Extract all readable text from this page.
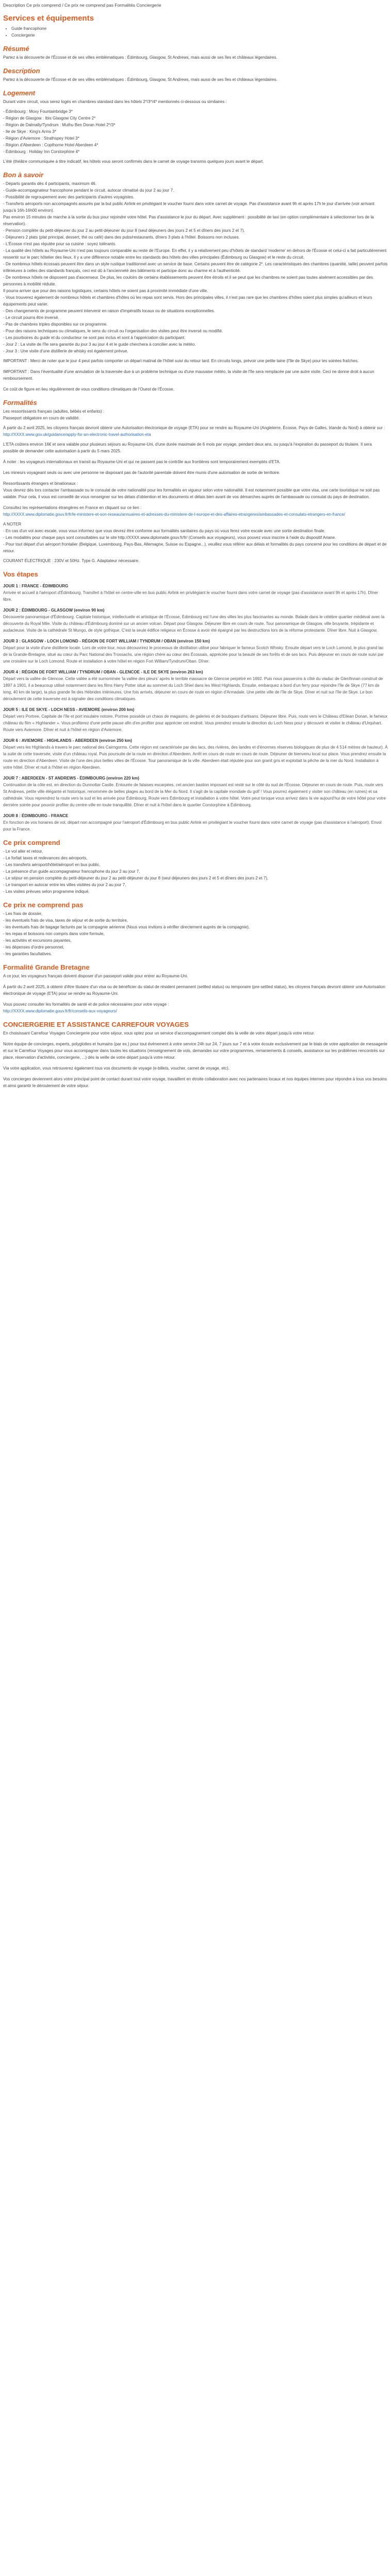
Description Ce prix comprend / Ce prix ne comprend pas Formalités Conciergerie
Services et équipements
• Guide francophone
• Conciergerie
Résumé

Partez à la découverte de l'Écosse et de ses villes emblématiques : Édimbourg, Glasgow, St Andrews, mais aussi de ses îles et châteaux légendaires.

Description

Partez à la découverte de l'Écosse et de ses villes emblématiques : Édimbourg, Glasgow, St Andrews, mais aussi de ses îles et châteaux légendaires.

Logement
Durant votre circuit, vous serez logés en chambres standard dans les hôtels 2*/3*/4* mentionnés ci-dessous ou similaires :
- Édimbourg : Moxy Fountainbridge 3*
- Région de Glasgow : Ibis Glasgow City Centre 2*
- Région de Dalmally/Tyndrum : Muthu Ben Doran Hotel 2*/3*
- Ile de Skye : King's Arms 3*
- Région d'Aviemore : Strathspey Hotel 3*
- Région d'Aberdeen : Copthorne Hotel Aberdeen 4*
- Édimbourg : Holiday Inn Corstorphine 4*

L'été (théâtre communiquée à titre indicatif, les hôtels vous seront confirmés dans le carnet de voyage transmis quelques jours avant le départ.

Bon à savoir
- Départs garantis dès 4 participants, maximum 46.
- Guide-accompagnateur francophone pendant le circuit, autocar climatisé du jour 2 au jour 7.
- Possibilité de regroupement avec des participants d'autres voyagistes.
- Transferts aéroports non accompagnés assurés par la but public Airlink en privilégiant le voucher fourni dans votre carnet de voyage. Pas d'assistance avant 9h et après 17h le jour d'arrivée (voir arrivant jusqu'à 16h-16h00 environ).
Pas environ 15 minutes de marche à la sortie du bus pour rejoindre votre hôtel. Pas d'assistance le jour du départ. Avec supplément : possibilité de taxi (en option complémentaire à sélectionner lors de la réservation).
- Pension complète du petit-déjeuner du jour 2 au petit-déjeuner du jour 8 (seul déjeuners des jours 2 et 5 et dîners des jours 2 et 7).
- Déjeuners 2 plats (plat principal, dessert, thé ou café) dans des pubs/restaurants, dîners 3 plats à l'hôtel. Boissons non incluses.
- L'Écosse n'est pas réputée pour sa cuisine : soyez tolérants.
- La qualité des hôtels au Royaume-Uni n'est pas toujours comparable au reste de l'Europe. En effet, il y a relativement peu d'hôtels de standard 'moderne' en dehors de l'Écosse et celui-ci a fait particulièrement ressentir sur le parc hôtelier des lieux. Il y a une différence notable entre les standards des hôtels des villes principales (Édimbourg ou Glasgow) et le reste du circuit.
- De nombreux hôtels écossais peuvent être dans un style rustique traditionnel avec un service de base. Certains peuvent être de catégorie 2*. Les caractéristiques des chambres (quantité, taille) peuvent parfois inférieures à celles des standards français, ceci est dû à l'ancienneté des bâtiments et participe donc au charme et à l'authenticité.
- De nombreux hôtels ne disposent pas d'ascenseur. De plus, les couloirs de certains établissements peuvent être étroits et il se peut que les chambres ne soient pas toutes aisément accessibles par des personnes à mobilité réduite.
Il pourra arriver que pour des raisons logistiques, certains hôtels ne soient pas à proximité immédiate d'une ville.
- Vous trouverez également de nombreux hôtels et chambres d'hôtes où les repas sont servis. Hors des principales villes, il n'est pas rare que les chambres d'hôtes soient plus simples qu'ailleurs et leurs équipements peut varier.
- Des changements de programme peuvent intervenir en raison d'impératifs locaux ou de situations exceptionnelles.
- Le circuit pourra être inversé.
- Pas de chambres triples disponibles sur ce programme.
- Pour des raisons techniques ou climatiques, le sens du circuit ou l'organisation des visites peut être inversé ou modifié.
- Les pourboires du guide et du conducteur ne sont pas inclus et sont à l'appréciation du participant.
- Jour 2 : La visite de l'île sera garantie du jour 3 au jour 4 et le guide cherchera à concilier avec la météo.
- Jour 3 : Une visite d'une distillerie de whisky est également prévue.

IMPORTANT : Merci de noter que le jour 4 peut parfois comporter un départ matinal de l'hôtel suivi du retour tard. En circuits longs, prévoir une petite laine (l'île de Skye) pour les soirées fraîches.

IMPORTANT : Dans l'éventualité d'une annulation de la traversée due à un problème technique ou d'une mauvaise météo, la visite de l'île sera remplacée par une autre visite. Ceci ne donne droit à aucun remboursement.

Ce coût de figure en lieu régulièrement de vous conditions climatiques de l'Ouest de l'Écosse.

Formalités
Les ressortissants français (adultes, bébés et enfants) :
Passeport obligatoire en cours de validité.
À partir du 2 avril 2025, les citoyens français devront obtenir une Autorisation électronique de voyage (ETA) pour se rendre au Royaume-Uni (Angleterre, Écosse, Pays de Galles, Irlande du Nord) à obtenir sur :
http://XXXX.www.gov.uk/guidance/apply-for-an-electronic-travel-authorisation-eta

L'ETA coûtera environ 16€ et sera valable pour plusieurs séjours au Royaume-Uni, d'une durée maximale de 6 mois par voyage, pendant deux ans, ou jusqu'à l'expiration du passeport du titulaire. Il sera possible de demander cette autorisation à partir du 5 mars 2025.

À noter : les voyageurs internationaux en transit au Royaume-Uni et qui ne passent pas le contrôle aux frontières sont temporairement exemptés d'ETA.

Les mineurs voyageant seuls ou avec une personne ne disposant pas de l'autorité parentale doivent être munis d'une autorisation de sortie de territoire.

Ressortissants étrangers et binationaux :

Vous devrez dès lors contacter l'ambassade ou le consulat de votre nationalité pour les formalités en vigueur selon votre nationalité. Il est notamment possible que votre visa, une carte touristique ne soit pas valable. Pour cela, il vous est conseillé de vous renseigner sur les délais d'obtention et les documents et délais bien avant de vos démarches auprès de l'ambassade ou consulat du pays de destination.

Consultez les représentations étrangères en France en cliquant sur ce lien :
http://XXXX.www.diplomatie.gouv.fr/fr/le-ministere-et-son-reseau/annuaires-et-adresses-du-ministere-de-l-europe-et-des-affaires-etrangeres/ambassades-et-consulats-etrangers-en-france/
A NOTER
- En cas d'un vol avec escale, vous vous informez que vous devrez être conforme aux formalités sanitaires du pays où vous ferez votre escale avec une sortie destination finale.
- Les modalités pour chaque pays sont consultables sur le site http://XXXX.www.diplomatie.gouv.fr/fr/ (Conseils aux voyageurs), vous pouvez vous inscrire à l'aide du dispositif Ariane.
- Pour tout départ d'un aéroport frontalier (Belgique, Luxembourg, Pays-Bas, Allemagne, Suisse ou Espagne...), veuillez vous référer aux délais et formalités du pays concerné pour les conditions de départ et de retour.
COURANT ÉLECTRIQUE : 230V et 50Hz. Type G. Adaptateur nécessaire.
Vos étapes
JOUR 1 : FRANCE - ÉDIMBOURG
Arrivée et accueil à l'aéroport d'Édimbourg. Transfert à l'hôtel en centre-ville en bus public Airlink en privilégiant le voucher fourni dans votre carnet de voyage (pas d'assistance avant 9h et après 17h). Dîner libre.
JOUR 2 : ÉDIMBOURG - GLASGOW (environ 90 km)
Découverte panoramique d'Édimbourg. Capitale historique, intellectuelle et artistique de l'Écosse, Édimbourg est l'une des villes les plus fascinantes au monde. Balade dans le célèbre quartier médiéval avec la découverte du Royal Mile. Visite du château d'Édimbourg dominé sur un ancien volcan. Départ pour Glasgow. Déjeuner libre en cours de route. Tour panoramique de Glasgow, ville bruyante, trépidante et audacieuse. Visite de la cathédrale St Mungo, de style gothique. C'est la seule édifice religieux en Écosse à avoir été épargné par les destructions lors de la réforme protestante. Dîner libre. Nuit à Glasgow.
JOUR 3 : GLASGOW - LOCH LOMOND - RÉGION DE FORT WILLIAM / TYNDRUM / OBAN (environ 150 km)
Départ pour la visite d'une distillerie locale. Lors de votre tour, nous découvrirez le processus de distillation utilisé pour fabriquer le fameux Scotch Whisky. Ensuite départ vers le Loch Lomond, le plus grand lac de la Grande-Bretagne, situé au cœur du Parc National des Trossachs, une région chère au cœur des Écossais, appréciée pour la beauté de ses forêts et de ses lacs. Puis déjeuner en cours de route suivi par une croisière sur le Loch Lomond. Route et installation à votre hôtel en région Fort William/Tyndrum/Oban. Dîner.
JOUR 4 : RÉGION DE FORT WILLIAM / TYNDRUM / OBAN - GLENCOE - ILE DE SKYE (environ 263 km)
Départ vers la vallée de Glencoe. Cette vallée a été surnommée 'la vallée des pleurs' après le terrible massacre de Glencoe perpétré en 1692. Puis nous passerons à côté du viaduc de Glenfinnan construit de 1897 à 1901, il a beaucoup utilisé notamment dans les films Harry Potter situé au sommet du Loch Shiel dans les West Highlands. Ensuite, embarquez à bord d'un ferry pour rejoindre l'île de Skye (77 km de long, 40 km de large), la plus grande île des Hébrides intérieures. Une fois arrivés, déjeuner en cours de route en région d'Armadale. Une petite ville de l'île de Skye. Dîner et nuit sur l'île de Skye. Le bon déroulement de cette traversée est à signaler des conditions climatiques.
JOUR 5 : ILE DE SKYE - LOCH NESS - AVIEMORE (environ 200 km)
Départ vers Portree, Capitale de l'île et port insulaire notoire, Portree possède un chaos de magasins, de galeries et de boutiques d'artisans. Déjeuner libre. Puis, route vers le Château d'Eilean Donan, le fameux château du film « Highlander ». Vous profiterez d'une petite pause afin d'en profiter pour apprécier cet endroit. Vous prendrez ensuite la direction du Loch Ness pour y découvrir et visiter le château d'Urquhart. Route vers Aviemore. Dîner et nuit à l'hôtel en région d'Aviemore.
JOUR 6 : AVIEMORE - HIGHLANDS - ABERDEEN (environ 250 km)
Départ vers les Highlands à travers le parc national des Cairngorms. Cette région est caractérisée par des lacs, des rivières, des landes et d'énormes réserves biologiques de plus de 4 514 mètres de hauteur). À la suite de cette traversée, visite d'un château royal. Puis poursuite de la route en direction d'Aberdeen. Arrêt en cours de route en cours de route. Déjeuner de bienvenu local sur place. Vous prendrez ensuite la route en direction d'Aberdeen. Visite de l'une des plus belles villes de l'Écosse. Tour panoramique de la ville. Aberdeen était réputée pour son granit gris et exploitait la pêche de la mer du Nord. Installation à votre hôtel. Dîner et nuit à l'hôtel en région Aberdeen.
JOUR 7 : ABERDEEN - ST ANDREWS - ÉDIMBOURG (environ 220 km)
Continuation de la côte est, en direction du Dunnottar Castle. Entourée de falaises escarpées, cet ancien bastion imposant est resté sur le côté du sud de l'Écosse. Déjeuner en cours de route. Puis, route vers St Andrews, petite ville élégante et historique, renommée de belles plages au bord de la Mer du Nord. Il s'agit de la capitale mondiale du golf ! Vous pourrez également y visiter son château (en ruines) et sa cathédrale. Vous reprendrez la route vers la sud et les arrivée pour Édimbourg. Route vers Édimbourg et installation à votre hôtel. Votre peut lorsque vous arrivez dans la vie aujourd'hui de votre hôtel pour votre dernière soirée pour pouvoir profiter du centre-ville en toute tranquillité. Dîner et nuit à l'hôtel dans le quartier Corstorphine à Édimbourg.
JOUR 8 : ÉDIMBOURG - FRANCE
En fonction de vos horaires de vol, départ non accompagné pour l'aéroport d'Édimbourg en bus public Airlink en privilégiant le voucher fourni dans votre carnet de voyage (pas d'assistance à l'aéroport). Envol pour la France.
Ce prix comprend
- Le vol aller et retour,
- Le forfait taxes et redevances des aéroports,
- Les transferts aéroport/hôtel/aéroport en bus public,
- La présence d'un guide accompagnateur francophone du jour 2 au jour 7,
- Le séjour en pension complète du petit-déjeuner du jour 2 au petit-déjeuner du jour 8 (seul déjeuners des jours 2 et 5 et dîners des jours 2 et 7),
- Le transport en autocar entre les villes visitées du jour 2 au jour 7,
- Les visites prévues selon programme indiqué.
Ce prix ne comprend pas
- Les frais de dossier,
- les éventuels frais de visa, taxes de séjour et de sortie du territoire,
- les éventuels frais de bagage facturés par la compagnie aérienne (Nous vous invitons à vérifier directement auprès de la compagnie),
- les repas et boissons non compris dans votre formule,
- les activités et excursions payantes,
- les dépenses d'ordre personnel,
- les garanties facultatives.
Formalité Grande Bretagne

A ce jour, les voyageurs français doivent disposer d'un passeport valide pour entrer au Royaume-Uni.

À partir du 2 avril 2025, à obtenir d'être titulaire d'un visa ou de bénéficier du statut de résident permanent (settled status) ou temporaire (pre-settled status), les citoyens français devront obtenir une Autorisation électronique de voyage (ETA) pour se rendre au Royaume-Uni.

Vous pouvez consulter les formalités de santé et de police nécessaires pour votre voyage :
http://XXXX.www.diplomatie.gouv.fr/fr/conseils-aux-voyageurs/
CONCIERGERIE ET ASSISTANCE CARREFOUR VOYAGES

En choisissant Carrefour Voyages Conciergerie pour votre séjour, vous optez pour un service d'accompagnement complet dès la veille de votre départ jusqu'à votre retour.

Notre équipe de concierges, experts, polyglottes et humains (par ex.) pour tout événement à votre service 24h sur 24, 7 jours sur 7 et à votre écoute exclusivement par le biais de votre application de messagerie et sur le Carrefour Voyages pour vous accompagner dans toutes les situations (renseignement de vols, demandes sur votre programmes, remaniements & conseils, assistance sur les problèmes rencontrés sur place, réservation d'activités, conciergerie, ...) dès la veille de votre départ jusqu'à votre retour.

Via votre application, vous retrouverez également tous vos documents de voyage (e-billets, voucher, carnet de voyage, etc).

Vos concierges deviennent alors votre principal point de contact durant tout votre voyage, travaillent en étroite collaboration avec nos partenaires locaux et nos équipes internes pour répondre à tous vos besoins et ainsi garantir le déroulement de votre séjour.
